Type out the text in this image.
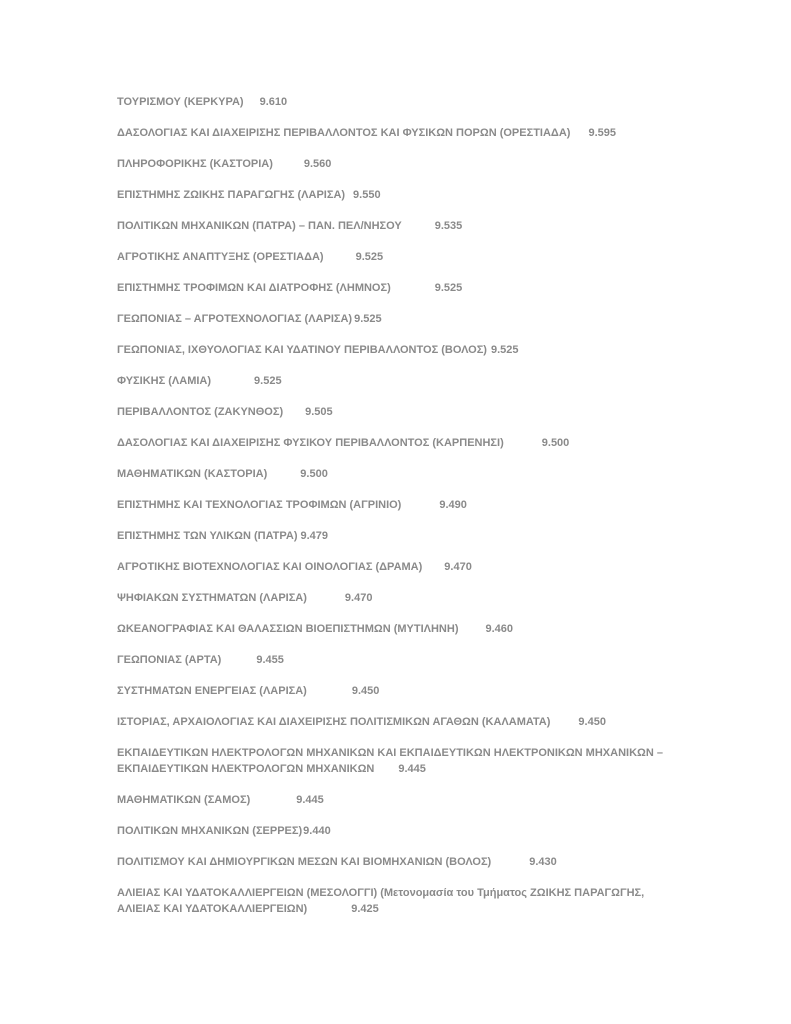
ΤΟΥΡΙΣΜΟΥ (ΚΕΡΚΥΡΑ) 9.610
ΔΑΣΟΛΟΓΙΑΣ ΚΑΙ ΔΙΑΧΕΙΡΙΣΗΣ ΠΕΡΙΒΑΛΛΟΝΤΟΣ ΚΑΙ ΦΥΣΙΚΩΝ ΠΟΡΩΝ (ΟΡΕΣΤΙΑΔΑ) 9.595
ΠΛΗΡΟΦΟΡΙΚΗΣ (ΚΑΣΤΟΡΙΑ)	9.560
ΕΠΙΣΤΗΜΗΣ ΖΩΙΚΗΣ ΠΑΡΑΓΩΓΗΣ (ΛΑΡΙΣΑ) 9.550
ΠΟΛΙΤΙΚΩΝ ΜΗΧΑΝΙΚΩΝ (ΠΑΤΡΑ) – ΠΑΝ. ΠΕΛ/ΝΗΣΟΥ	9.535
ΑΓΡΟΤΙΚΗΣ ΑΝΑΠΤΥΞΗΣ (ΟΡΕΣΤΙΑΔΑ)	9.525
ΕΠΙΣΤΗΜΗΣ ΤΡΟΦΙΜΩΝ ΚΑΙ ΔΙΑΤΡΟΦΗΣ (ΛΗΜΝΟΣ)	9.525
ΓΕΩΠΟΝΙΑΣ – ΑΓΡΟΤΕΧΝΟΛΟΓΙΑΣ (ΛΑΡΙΣΑ) 9.525
ΓΕΩΠΟΝΙΑΣ, ΙΧΘΥΟΛΟΓΙΑΣ ΚΑΙ ΥΔΑΤΙΝΟΥ ΠΕΡΙΒΑΛΛΟΝΤΟΣ (ΒΟΛΟΣ) 9.525
ΦΥΣΙΚΗΣ (ΛΑΜΙΑ)	9.525
ΠΕΡΙΒΑΛΛΟΝΤΟΣ (ΖΑΚΥΝΘΟΣ) 9.505
ΔΑΣΟΛΟΓΙΑΣ ΚΑΙ ΔΙΑΧΕΙΡΙΣΗΣ ΦΥΣΙΚΟΥ ΠΕΡΙΒΑΛΛΟΝΤΟΣ (ΚΑΡΠΕΝΗΣΙ)	9.500
ΜΑΘΗΜΑΤΙΚΩΝ (ΚΑΣΤΟΡΙΑ)	9.500
ΕΠΙΣΤΗΜΗΣ ΚΑΙ ΤΕΧΝΟΛΟΓΙΑΣ ΤΡΟΦΙΜΩΝ (ΑΓΡΙΝΙΟ)	9.490
ΕΠΙΣΤΗΜΗΣ ΤΩΝ ΥΛΙΚΩΝ (ΠΑΤΡΑ) 9.479
ΑΓΡΟΤΙΚΗΣ ΒΙΟΤΕΧΝΟΛΟΓΙΑΣ ΚΑΙ ΟΙΝΟΛΟΓΙΑΣ (ΔΡΑΜΑ) 9.470
ΨΗΦΙΑΚΩΝ ΣΥΣΤΗΜΑΤΩΝ (ΛΑΡΙΣΑ)	9.470
ΩΚΕΑΝΟΓΡΑΦΙΑΣ ΚΑΙ ΘΑΛΑΣΣΙΩΝ ΒΙΟΕΠΙΣΤΗΜΩΝ (ΜΥΤΙΛΗΝΗ) 9.460
ΓΕΩΠΟΝΙΑΣ (ΑΡΤΑ)	9.455
ΣΥΣΤΗΜΑΤΩΝ ΕΝΕΡΓΕΙΑΣ (ΛΑΡΙΣΑ)	9.450
ΙΣΤΟΡΙΑΣ, ΑΡΧΑΙΟΛΟΓΙΑΣ ΚΑΙ ΔΙΑΧΕΙΡΙΣΗΣ ΠΟΛΙΤΙΣΜΙΚΩΝ ΑΓΑΘΩΝ (ΚΑΛΑΜΑΤΑ)	9.450
ΕΚΠΑΙΔΕΥΤΙΚΩΝ ΗΛΕΚΤΡΟΛΟΓΩΝ ΜΗΧΑΝΙΚΩΝ ΚΑΙ ΕΚΠΑΙΔΕΥΤΙΚΩΝ ΗΛΕΚΤΡΟΝΙΚΩΝ ΜΗΧΑΝΙΚΩΝ – ΕΚΠΑΙΔΕΥΤΙΚΩΝ ΗΛΕΚΤΡΟΛΟΓΩΝ ΜΗΧΑΝΙΚΩΝ 9.445
ΜΑΘΗΜΑΤΙΚΩΝ (ΣΑΜΟΣ)	9.445
ΠΟΛΙΤΙΚΩΝ ΜΗΧΑΝΙΚΩΝ (ΣΕΡΡΕΣ)9.440
ΠΟΛΙΤΙΣΜΟΥ ΚΑΙ ΔΗΜΙΟΥΡΓΙΚΩΝ ΜΕΣΩΝ ΚΑΙ ΒΙΟΜΗΧΑΝΙΩΝ (ΒΟΛΟΣ)	9.430
ΑΛΙΕΙΑΣ ΚΑΙ ΥΔΑΤΟΚΑΛΛΙΕΡΓΕΙΩΝ (ΜΕΣΟΛΟΓΓΙ) (Μετονομασία του Τμήματος ΖΩΙΚΗΣ ΠΑΡΑΓΩΓΗΣ, ΑΛΙΕΙΑΣ ΚΑΙ ΥΔΑΤΟΚΑΛΛΙΕΡΓΕΙΩΝ)	9.425
